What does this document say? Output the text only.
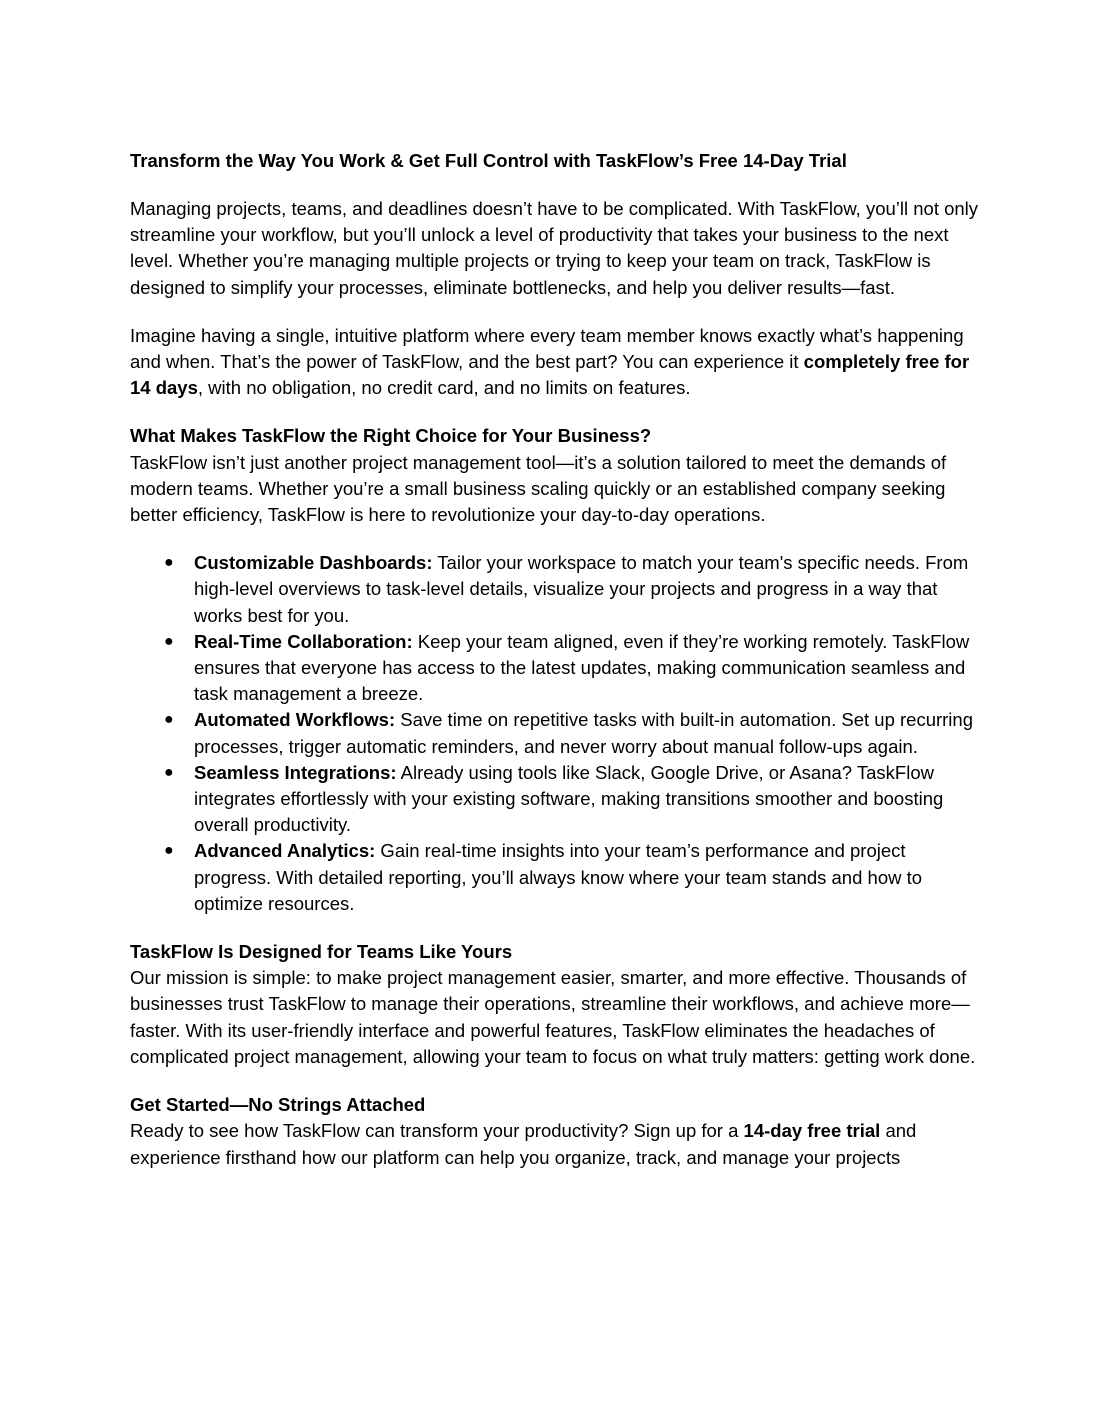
Transform the Way You Work & Get Full Control with TaskFlow’s Free 14-Day Trial

Managing projects, teams, and deadlines doesn’t have to be complicated. With TaskFlow, you’ll not only streamline your workflow, but you’ll unlock a level of productivity that takes your business to the next level. Whether you’re managing multiple projects or trying to keep your team on track, TaskFlow is designed to simplify your processes, eliminate bottlenecks, and help you deliver results—fast.

Imagine having a single, intuitive platform where every team member knows exactly what’s happening and when. That’s the power of TaskFlow, and the best part? You can experience it completely free for 14 days, with no obligation, no credit card, and no limits on features.

What Makes TaskFlow the Right Choice for Your Business?

TaskFlow isn’t just another project management tool—it’s a solution tailored to meet the demands of modern teams. Whether you’re a small business scaling quickly or an established company seeking better efficiency, TaskFlow is here to revolutionize your day-to-day operations.

● Customizable Dashboards: Tailor your workspace to match your team's specific needs. From high-level overviews to task-level details, visualize your projects and progress in a way that works best for you.
● Real-Time Collaboration: Keep your team aligned, even if they’re working remotely. TaskFlow ensures that everyone has access to the latest updates, making communication seamless and task management a breeze.
● Automated Workflows: Save time on repetitive tasks with built-in automation. Set up recurring processes, trigger automatic reminders, and never worry about manual follow-ups again.
● Seamless Integrations: Already using tools like Slack, Google Drive, or Asana? TaskFlow integrates effortlessly with your existing software, making transitions smoother and boosting overall productivity.
● Advanced Analytics: Gain real-time insights into your team’s performance and project progress. With detailed reporting, you’ll always know where your team stands and how to optimize resources.
TaskFlow Is Designed for Teams Like Yours

Our mission is simple: to make project management easier, smarter, and more effective. Thousands of businesses trust TaskFlow to manage their operations, streamline their workflows, and achieve more—faster. With its user-friendly interface and powerful features, TaskFlow eliminates the headaches of complicated project management, allowing your team to focus on what truly matters: getting work done.

Get Started—No Strings Attached

Ready to see how TaskFlow can transform your productivity? Sign up for a 14-day free trial and experience firsthand how our platform can help you organize, track, and manage your projects
